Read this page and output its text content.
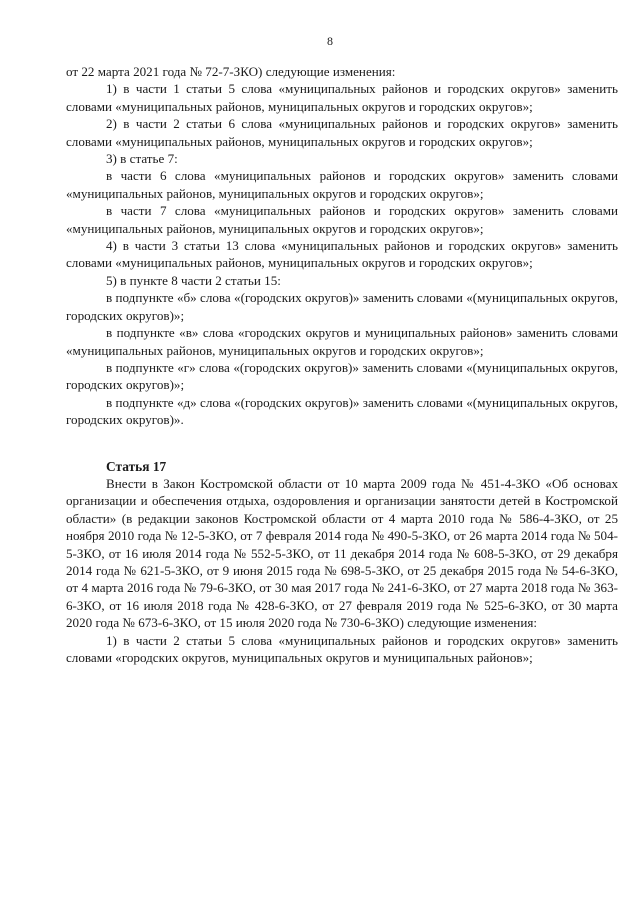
8

от 22 марта 2021 года № 72-7-ЗКО) следующие изменения:

1) в части 1 статьи 5 слова «муниципальных районов и городских округов» заменить словами «муниципальных районов, муниципальных округов и городских округов»;

2) в части 2 статьи 6 слова «муниципальных районов и городских округов» заменить словами «муниципальных районов, муниципальных округов и городских округов»;

3) в статье 7:

в части 6 слова «муниципальных районов и городских округов» заменить словами «муниципальных районов, муниципальных округов и городских округов»;

в части 7 слова «муниципальных районов и городских округов» заменить словами «муниципальных районов, муниципальных округов и городских округов»;

4) в части 3 статьи 13 слова «муниципальных районов и городских округов» заменить словами «муниципальных районов, муниципальных округов и городских округов»;

5) в пункте 8 части 2 статьи 15:

в подпункте «б» слова «(городских округов)» заменить словами «(муниципальных округов, городских округов)»;

в подпункте «в» слова «городских округов и муниципальных районов» заменить словами «муниципальных районов, муниципальных округов и городских округов»;

в подпункте «г» слова «(городских округов)» заменить словами «(муниципальных округов, городских округов)»;

в подпункте «д» слова «(городских округов)» заменить словами «(муниципальных округов, городских округов)».

Статья 17

Внести в Закон Костромской области от 10 марта 2009 года № 451-4-ЗКО «Об основах организации и обеспечения отдыха, оздоровления и организации занятости детей в Костромской области» (в редакции законов Костромской области от 4 марта 2010 года № 586-4-ЗКО, от 25 ноября 2010 года № 12-5-ЗКО, от 7 февраля 2014 года № 490-5-ЗКО, от 26 марта 2014 года № 504-5-ЗКО, от 16 июля 2014 года № 552-5-ЗКО, от 11 декабря 2014 года № 608-5-ЗКО, от 29 декабря 2014 года № 621-5-ЗКО, от 9 июня 2015 года № 698-5-ЗКО, от 25 декабря 2015 года № 54-6-ЗКО, от 4 марта 2016 года № 79-6-ЗКО, от 30 мая 2017 года № 241-6-ЗКО, от 27 марта 2018 года № 363-6-ЗКО, от 16 июля 2018 года № 428-6-ЗКО, от 27 февраля 2019 года № 525-6-ЗКО, от 30 марта 2020 года № 673-6-ЗКО, от 15 июля 2020 года № 730-6-ЗКО) следующие изменения:

1) в части 2 статьи 5 слова «муниципальных районов и городских округов» заменить словами «городских округов, муниципальных округов и муниципальных районов»;
